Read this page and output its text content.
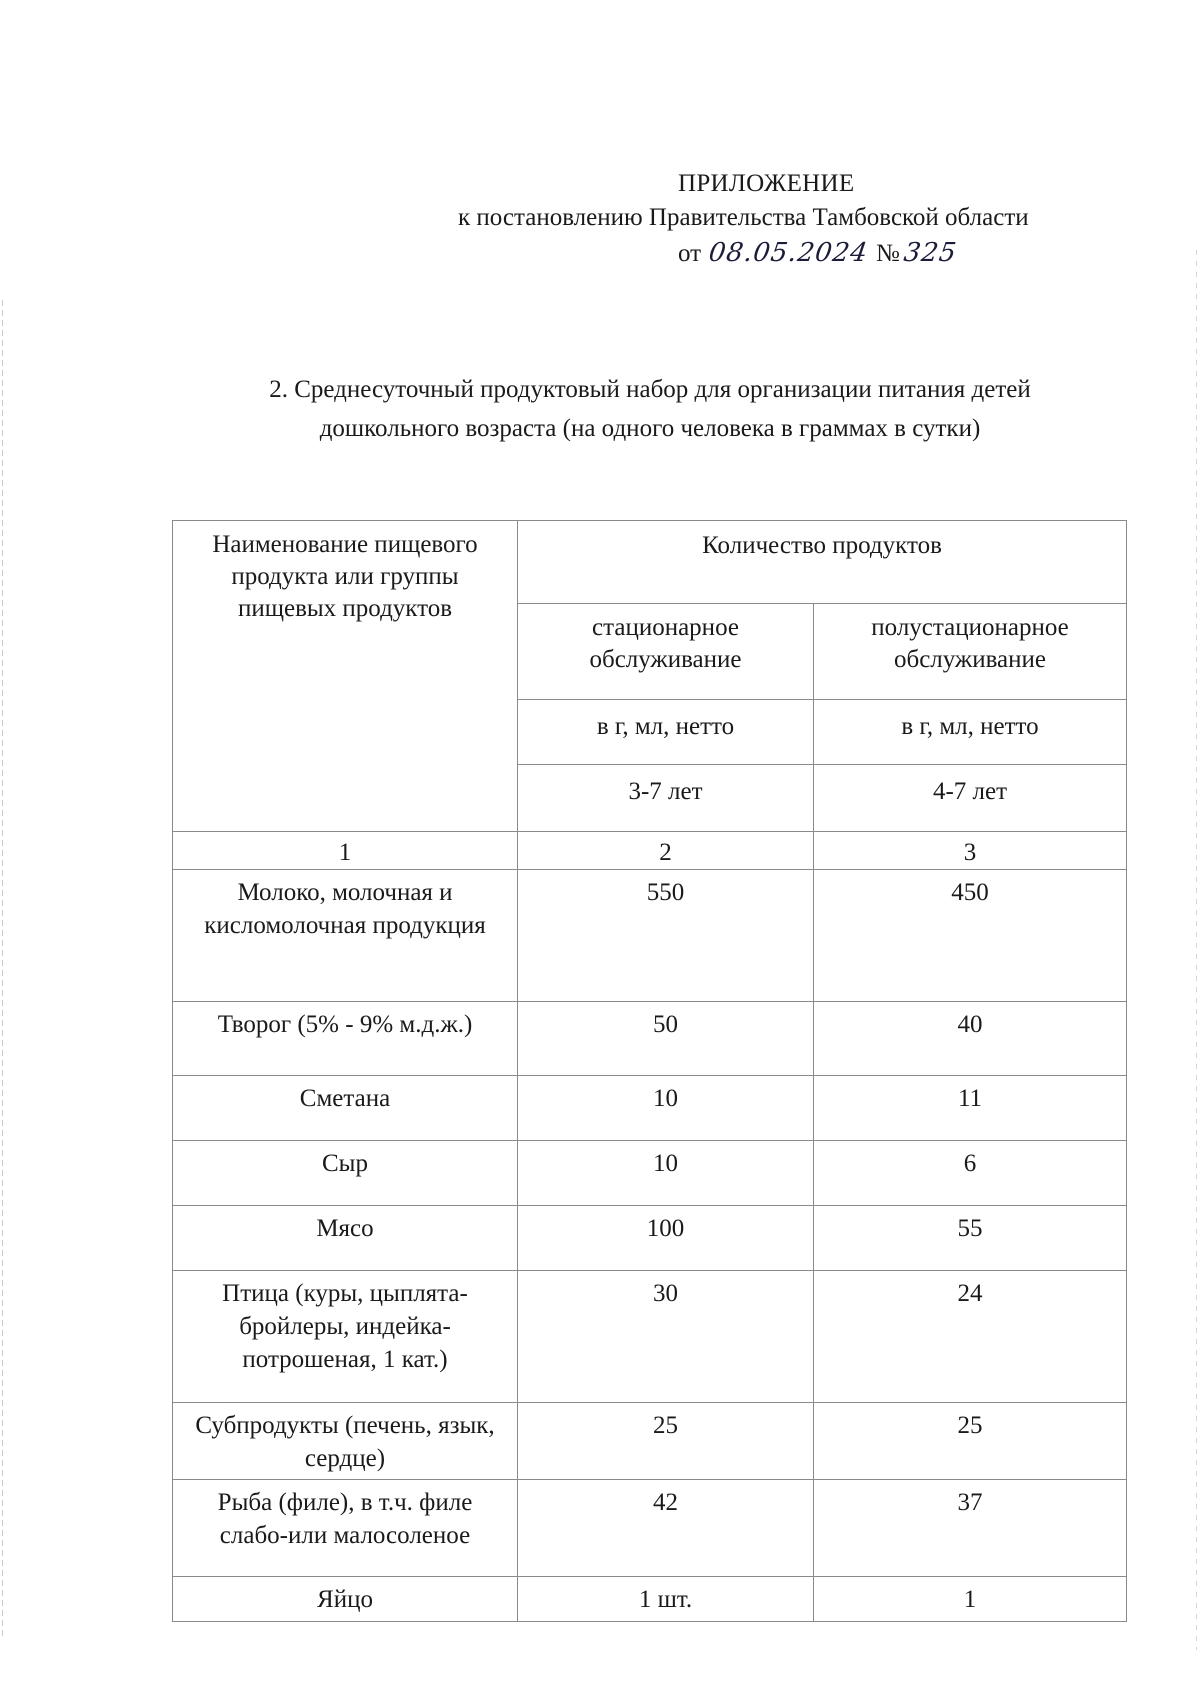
ПРИЛОЖЕНИЕ
к постановлению Правительства Тамбовской области
от 08.05.2024 № 325
2. Среднесуточный продуктовый набор для организации питания детей
дошкольного возраста (на одного человека в граммах в сутки)
Наименование пищевого продукта или группы пищевых продуктов	Количество продуктов	
	стационарное обслуживание	полустационарное обслуживание
	в г, мл, нетто	в г, мл, нетто
	3-7 лет	4-7 лет
1	2	3
Молоко, молочная и кисломолочная продукция	550	450
Творог (5% - 9% м.д.ж.)	50	40
Сметана	10	11
Сыр	10	6
Мясо	100	55
Птица (куры, цыплята-бройлеры, индейка-потрошеная, 1 кат.)	30	24
Субпродукты (печень, язык, сердце)	25	25
Рыба (филе), в т.ч. филе слабо-или малосоленое	42	37
Яйцо	1 шт.	1
